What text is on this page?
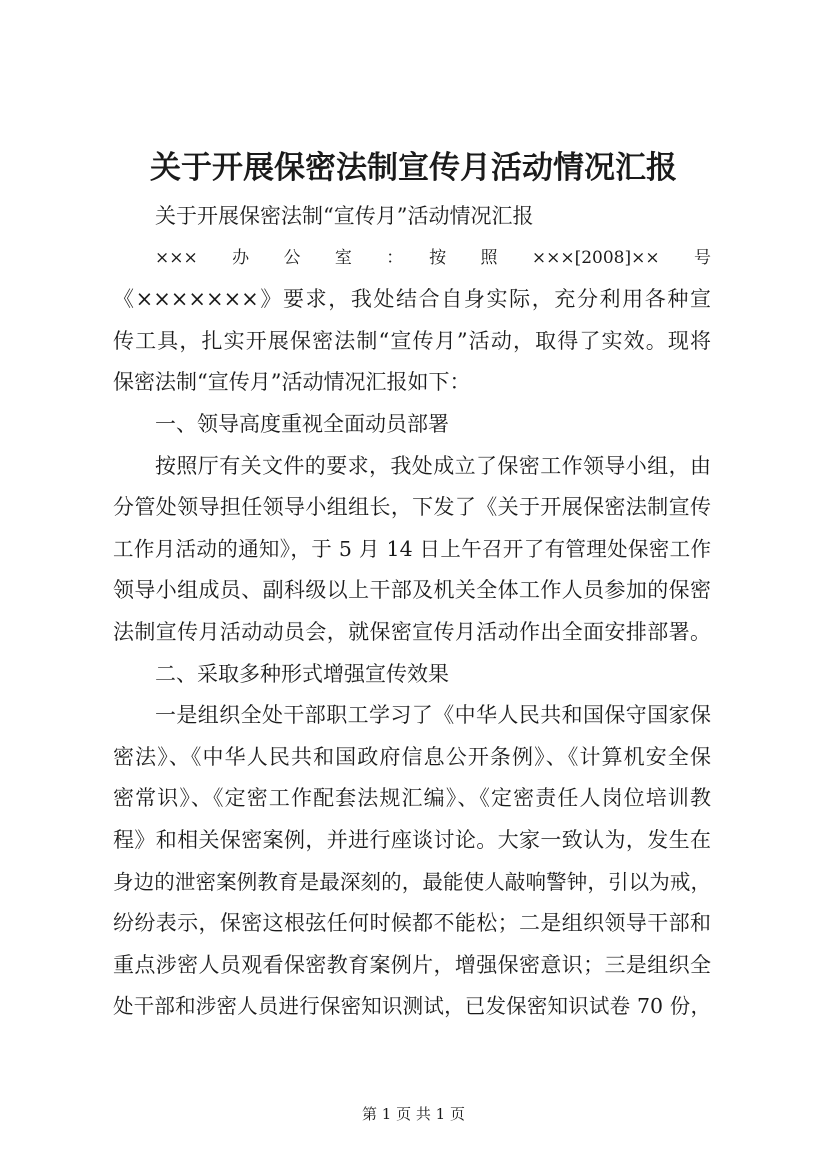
关于开展保密法制宣传月活动情况汇报
关于开展保密法制“宣传月”活动情况汇报
×××　　办　　公　　室　　：　　按　　照　　×××[2008]××　　号
《×××××××》要求，我处结合自身实际，充分利用各种宣
传工具，扎实开展保密法制“宣传月”活动，取得了实效。现将
保密法制“宣传月”活动情况汇报如下：
一、领导高度重视全面动员部署
按照厅有关文件的要求，我处成立了保密工作领导小组，由
分管处领导担任领导小组组长，下发了《关于开展保密法制宣传
工作月活动的通知》，于 5 月 14 日上午召开了有管理处保密工作
领导小组成员、副科级以上干部及机关全体工作人员参加的保密
法制宣传月活动动员会，就保密宣传月活动作出全面安排部署。
二、采取多种形式增强宣传效果
一是组织全处干部职工学习了《中华人民共和国保守国家保
密法》、《中华人民共和国政府信息公开条例》、《计算机安全保
密常识》、《定密工作配套法规汇编》、《定密责任人岗位培训教
程》和相关保密案例，并进行座谈讨论。大家一致认为，发生在
身边的泄密案例教育是最深刻的，最能使人敲响警钟，引以为戒，
纷纷表示，保密这根弦任何时候都不能松；二是组织领导干部和
重点涉密人员观看保密教育案例片，增强保密意识；三是组织全
处干部和涉密人员进行保密知识测试，已发保密知识试卷 70 份，
第 1 页 共 1 页
